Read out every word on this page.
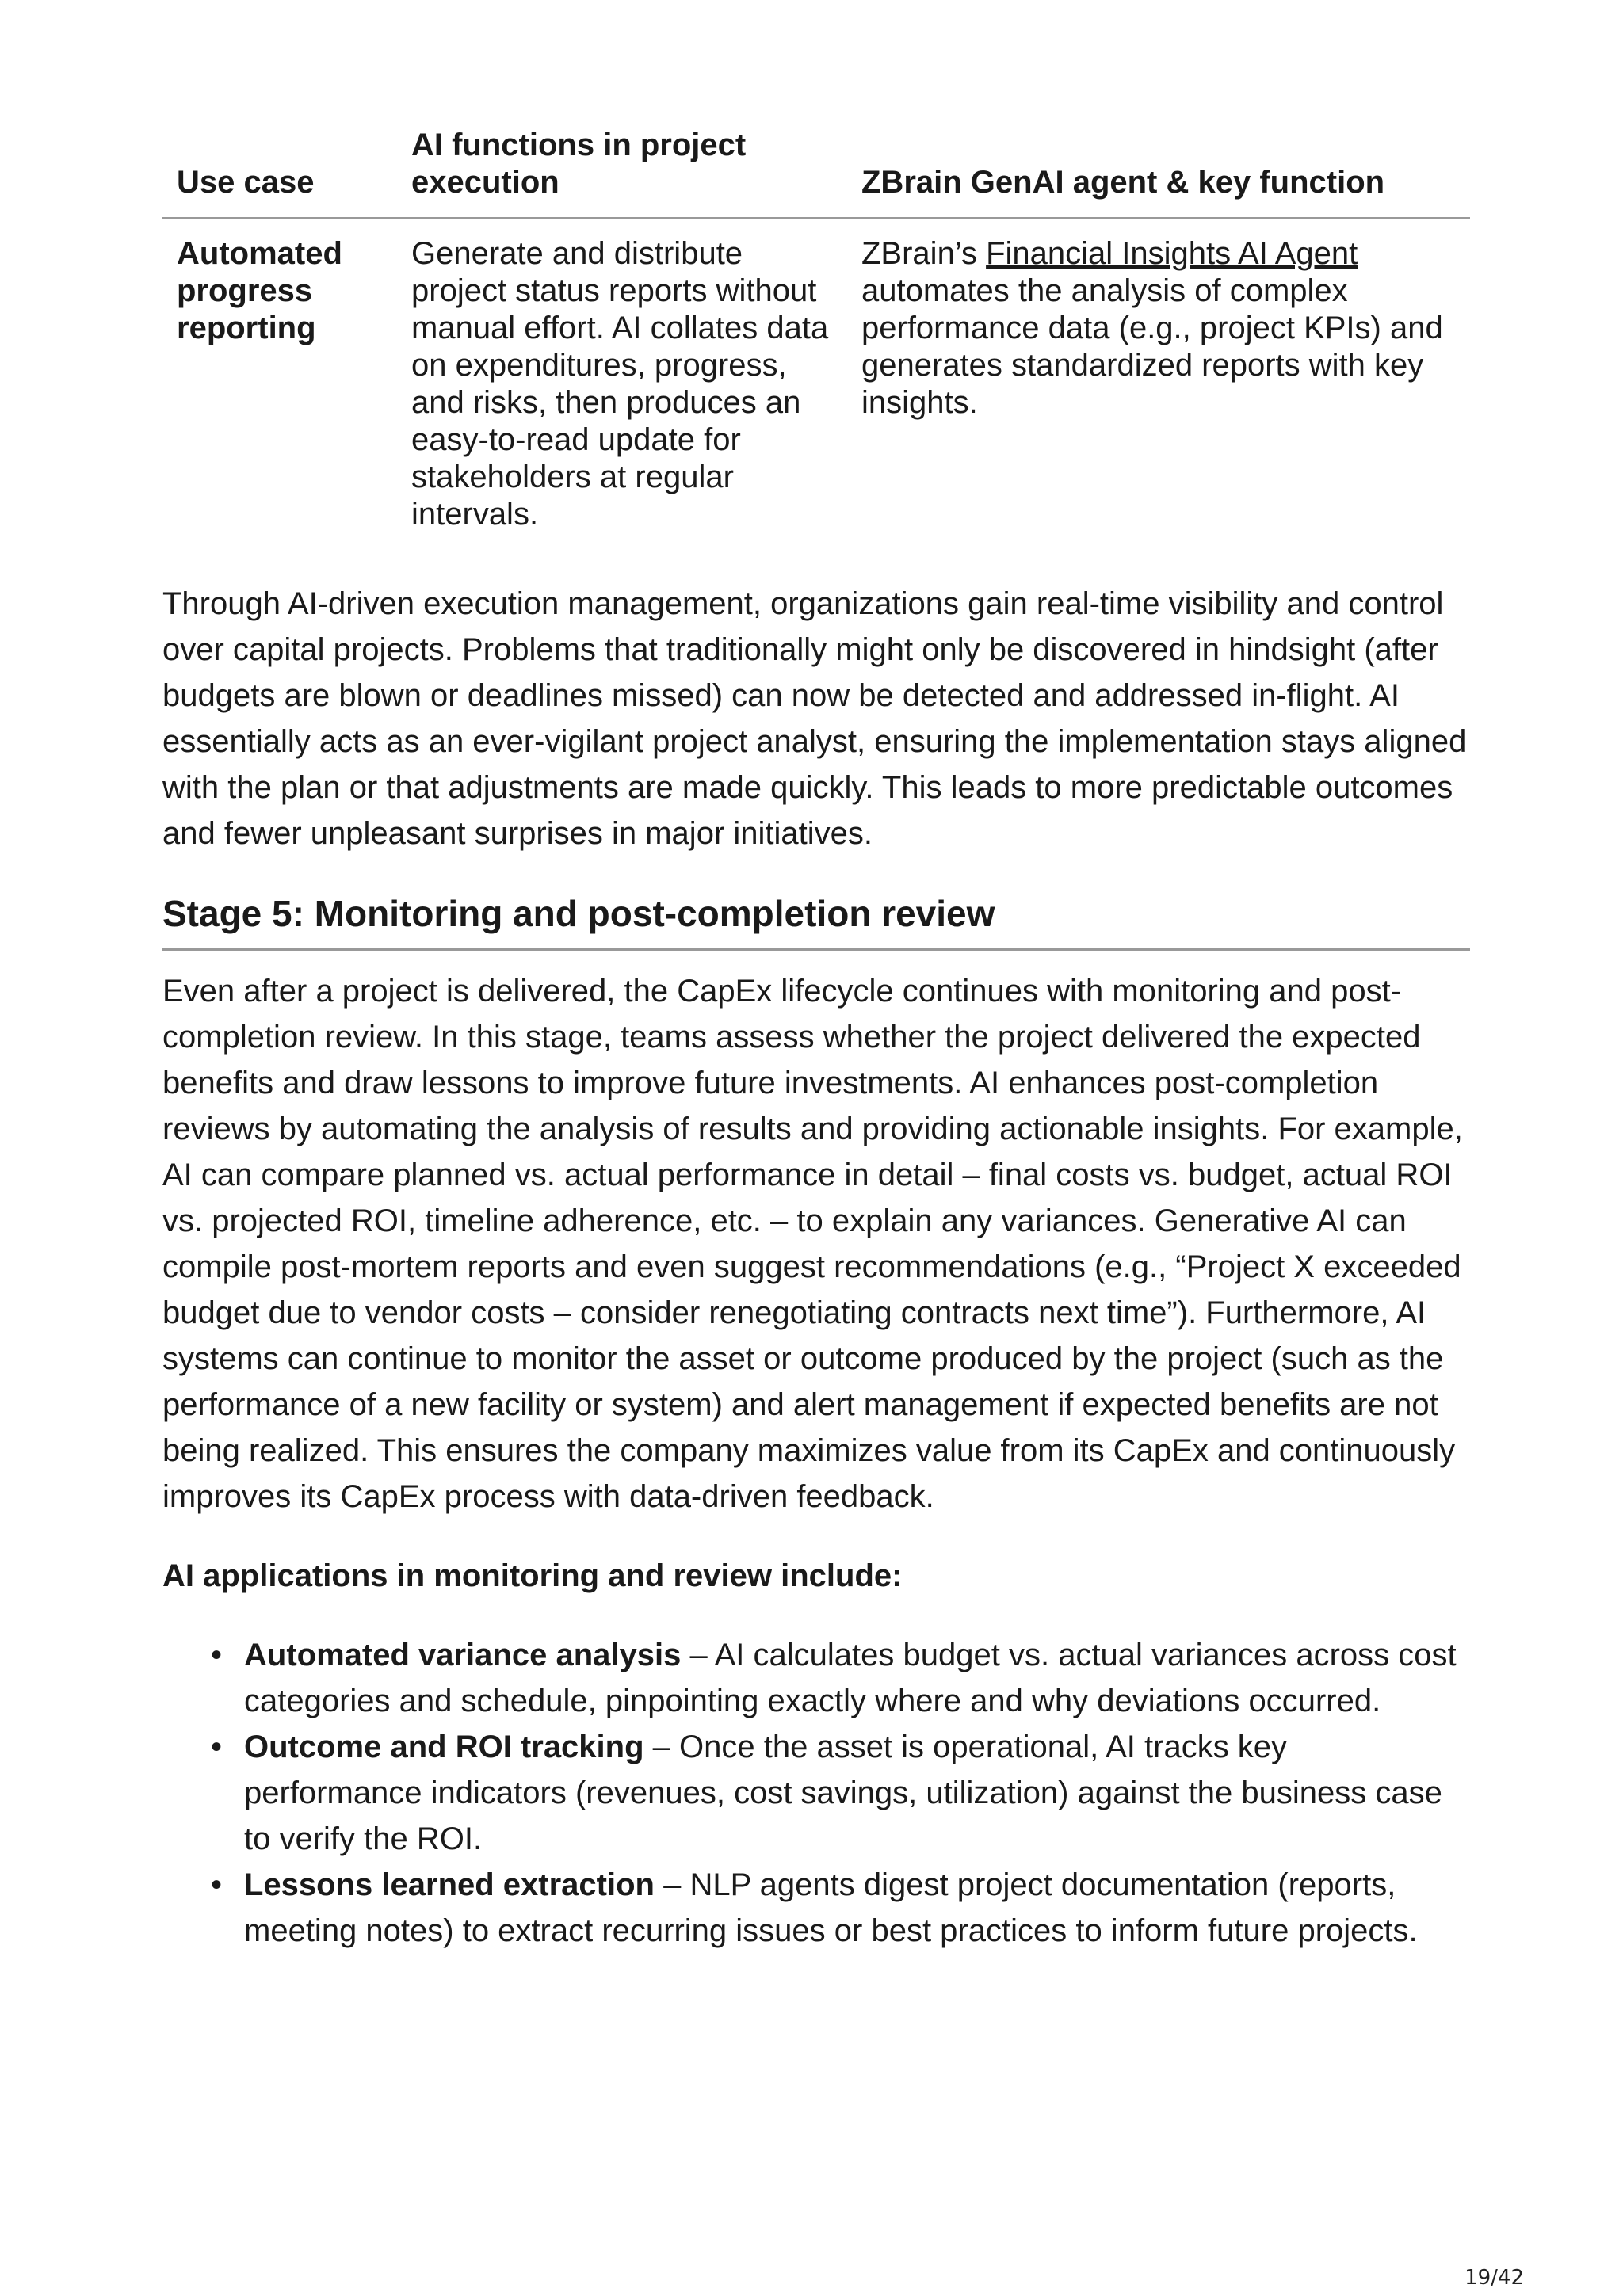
Use case	AI functions in project execution	ZBrain GenAI agent & key function
Automated progress reporting	Generate and distribute project status reports without manual effort. AI collates data on expenditures, progress, and risks, then produces an easy-to-read update for stakeholders at regular intervals.	ZBrain’s Financial Insights AI Agent automates the analysis of complex performance data (e.g., project KPIs) and generates standardized reports with key insights.

Through AI-driven execution management, organizations gain real-time visibility and control over capital projects. Problems that traditionally might only be discovered in hindsight (after budgets are blown or deadlines missed) can now be detected and addressed in-flight. AI essentially acts as an ever-vigilant project analyst, ensuring the implementation stays aligned with the plan or that adjustments are made quickly. This leads to more predictable outcomes and fewer unpleasant surprises in major initiatives.

Stage 5: Monitoring and post-completion review

Even after a project is delivered, the CapEx lifecycle continues with monitoring and post-completion review. In this stage, teams assess whether the project delivered the expected benefits and draw lessons to improve future investments. AI enhances post-completion reviews by automating the analysis of results and providing actionable insights. For example, AI can compare planned vs. actual performance in detail – final costs vs. budget, actual ROI vs. projected ROI, timeline adherence, etc. – to explain any variances. Generative AI can compile post-mortem reports and even suggest recommendations (e.g., “Project X exceeded budget due to vendor costs – consider renegotiating contracts next time”). Furthermore, AI systems can continue to monitor the asset or outcome produced by the project (such as the performance of a new facility or system) and alert management if expected benefits are not being realized. This ensures the company maximizes value from its CapEx and continuously improves its CapEx process with data-driven feedback.

AI applications in monitoring and review include:

• Automated variance analysis – AI calculates budget vs. actual variances across cost categories and schedule, pinpointing exactly where and why deviations occurred.
• Outcome and ROI tracking – Once the asset is operational, AI tracks key performance indicators (revenues, cost savings, utilization) against the business case to verify the ROI.
• Lessons learned extraction – NLP agents digest project documentation (reports, meeting notes) to extract recurring issues or best practices to inform future projects.
19/42
